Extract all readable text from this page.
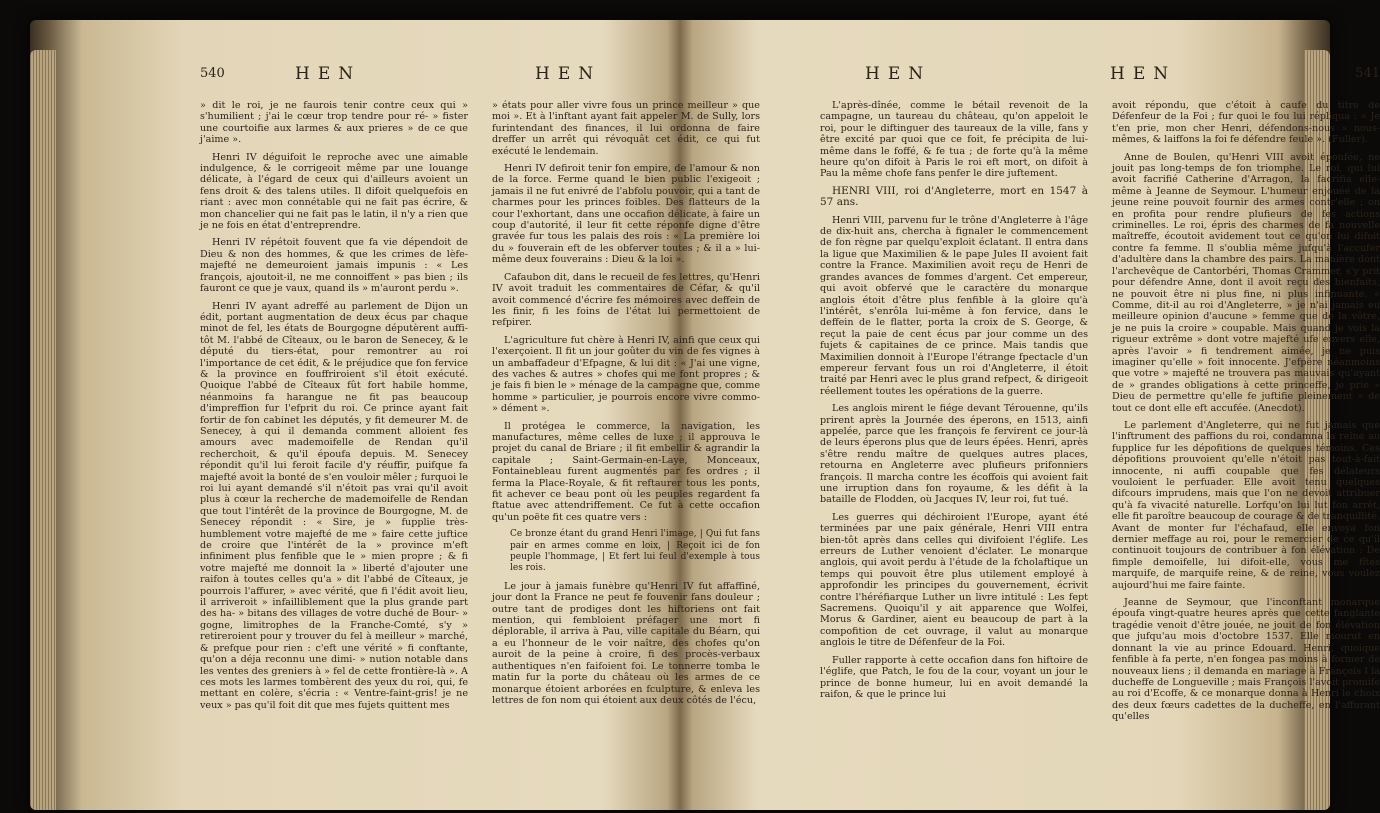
540	HEN	HEN

» dit le roi, je ne faurois tenir contre ceux qui » s'humilient ; j'ai le cœur trop tendre pour ré- » fister une courtoifie aux larmes & aux prieres » de ce que j'aime ».

Henri IV déguifoit le reproche avec une aimable indulgence, & le corrigeoit même par une louange délicate, à l'égard de ceux qui d'ailleurs avoient un fens droit & des talens utiles. Il difoit quelquefois en riant : avec mon connétable qui ne fait pas écrire, & mon chancelier qui ne fait pas le latin, il n'y a rien que je ne fois en état d'entreprendre.

Henri IV répétoit fouvent que fa vie dépendoit de Dieu & non des hommes, & que les crimes de lèfe-majefté ne demeuroient jamais impunis : « Les françois, ajoutoit-il, ne me connoiffent » pas bien ; ils fauront ce que je vaux, quand ils » m'auront perdu ».

Henri IV ayant adreffé au parlement de Dijon un édit, portant augmentation de deux écus par chaque minot de fel, les états de Bourgogne députèrent auffi-tôt M. l'abbé de Cîteaux, ou le baron de Senecey, & le député du tiers-état, pour remontrer au roi l'importance de cet édit, & le préjudice que fon fervice & la province en fouffriroient s'il étoit exécuté. Quoique l'abbé de Cîteaux fût fort habile homme, néanmoins fa harangue ne fit pas beaucoup d'impreffion fur l'efprit du roi. Ce prince ayant fait fortir de fon cabinet les députés, y fit demeurer M. de Senecey, à qui il demanda comment alloient fes amours avec mademoifelle de Rendan qu'il recherchoit, & qu'il époufa depuis. M. Senecey répondit qu'il lui feroit facile d'y réuffir, puifque fa majefté avoit la bonté de s'en vouloir mêler ; furquoi le roi lui ayant demandé s'il n'étoit pas vrai qu'il avoit plus à cœur la recherche de mademoifelle de Rendan que tout l'intérêt de la province de Bourgogne, M. de Senecey répondit : « Sire, je » fupplie très-humblement votre majefté de me » faire cette juftice de croire que l'intérêt de la » province m'eft infiniment plus fenfible que le » mien propre ; & fi votre majefté me donnoit la » liberté d'ajouter une raifon à toutes celles qu'a » dit l'abbé de Cîteaux, je pourrois l'affurer, » avec vérité, que fi l'édit avoit lieu, il arriveroit » infailliblement que la plus grande part des ha- » bitans des villages de votre duché de Bour- » gogne, limitrophes de la Franche-Comté, s'y » retireroient pour y trouver du fel à meilleur » marché, & prefque pour rien : c'eft une vérité » fi conftante, qu'on a déja reconnu une dimi- » nution notable dans les ventes des greniers à » fel de cette frontière-là ». A ces mots les larmes tombèrent des yeux du roi, qui, fe mettant en colère, s'écria : « Ventre-faint-gris! je ne veux » pas qu'il foit dit que mes fujets quittent mes

» états pour aller vivre fous un prince meilleur » que moi ». Et à l'inftant ayant fait appeler M. de Sully, lors furintendant des finances, il lui ordonna de faire dreffer un arrêt qui révoquât cet édit, ce qui fut exécuté le lendemain.

Henri IV defiroit tenir fon empire, de l'amour & non de la force. Ferme quand le bien public l'exigeoit ; jamais il ne fut enivré de l'abfolu pouvoir, qui a tant de charmes pour les princes foibles. Des flatteurs de la cour l'exhortant, dans une occafion délicate, à faire un coup d'autorité, il leur fit cette réponfe digne d'être gravée fur tous les palais des rois : « La première loi du » fouverain eft de les obferver toutes ; & il a » lui-même deux fouverains : Dieu & la loi ».

Cafaubon dit, dans le recueil de fes lettres, qu'Henri IV avoit traduit les commentaires de Céfar, & qu'il avoit commencé d'écrire fes mémoires avec deffein de les finir, fi les foins de l'état lui permettoient de refpirer.

L'agriculture fut chère à Henri IV, ainfi que ceux qui l'exerçoient. Il fit un jour goûter du vin de fes vignes à un ambaffadeur d'Efpagne, & lui dit : « J'ai une vigne, des vaches & autres » chofes qui me font propres ; & je fais fi bien le » ménage de la campagne que, comme homme » particulier, je pourrois encore vivre commo- » dément ».

Il protégea le commerce, la navigation, les manufactures, même celles de luxe ; il approuva le projet du canal de Briare ; il fit embellir & agrandir la capitale ; Saint-Germain-en-Laye, Monceaux, Fontainebleau furent augmentés par fes ordres ; il ferma la Place-Royale, & fit reftaurer tous les ponts, fit achever ce beau pont où les peuples regardent fa ftatue avec attendriffement. Ce fut à cette occafion qu'un poëte fit ces quatre vers :

Ce bronze étant du grand Henri l'image, | Qui fut fans pair en armes comme en loix, | Reçoit ici de fon peuple l'hommage, | Et fert lui feul d'exemple à tous les rois.

Le jour à jamais funèbre qu'Henri IV fut affaffiné, jour dont la France ne peut fe fouvenir fans douleur ; outre tant de prodiges dont les hiftoriens ont fait mention, qui fembloient préfager une mort fi déplorable, il arriva à Pau, ville capitale du Béarn, qui a eu l'honneur de le voir naître, des chofes qu'on auroit de la peine à croire, fi des procès-verbaux authentiques n'en faifoient foi. Le tonnerre tomba le matin fur la porte du château où les armes de ce monarque étoient arborées en fculpture, & enleva les lettres de fon nom qui étoient aux deux côtés de l'écu,

HEN	HEN	541

L'après-dînée, comme le bétail revenoit de la campagne, un taureau du château, qu'on appeloit le roi, pour le diftinguer des taureaux de la ville, fans y être excité par quoi que ce foit, fe précipita de lui-même dans le foffé, & fe tua ; de forte qu'à la même heure qu'on difoit à Paris le roi eft mort, on difoit à Pau la même chofe fans penfer le dire juftement.

HENRI VIII, roi d'Angleterre, mort en 1547 à 57 ans.

Henri VIII, parvenu fur le trône d'Angleterre à l'âge de dix-huit ans, chercha à fignaler le commencement de fon règne par quelqu'exploit éclatant. Il entra dans la ligue que Maximilien & le pape Jules II avoient fait contre la France. Maximilien avoit reçu de Henri de grandes avances de fommes d'argent. Cet empereur, qui avoit obfervé que le caractère du monarque anglois étoit d'être plus fenfible à la gloire qu'à l'intérêt, s'enrôla lui-même à fon fervice, dans le deffein de le flatter, porta la croix de S. George, & reçut la paie de cent écus par jour comme un des fujets & capitaines de ce prince. Mais tandis que Maximilien donnoit à l'Europe l'étrange fpectacle d'un empereur fervant fous un roi d'Angleterre, il étoit traité par Henri avec le plus grand refpect, & dirigeoit réellement toutes les opérations de la guerre.

Les anglois mirent le fiége devant Térouenne, qu'ils prirent après la Journée des éperons, en 1513, ainfi appelée, parce que les françois fe fervirent ce jour-là de leurs éperons plus que de leurs épées. Henri, après s'être rendu maître de quelques autres places, retourna en Angleterre avec plufieurs prifonniers françois. Il marcha contre les écoffois qui avoient fait une irruption dans fon royaume, & les défit à la bataille de Flodden, où Jacques IV, leur roi, fut tué.

Les guerres qui déchiroient l'Europe, ayant été terminées par une paix générale, Henri VIII entra bien-tôt après dans celles qui divifoient l'églife. Les erreurs de Luther venoient d'éclater. Le monarque anglois, qui avoit perdu à l'étude de la fcholaftique un temps qui pouvoit être plus utilement employé à approfondir les principes du gouvernement, écrivit contre l'héréfiarque Luther un livre intitulé : Les fept Sacremens. Quoiqu'il y ait apparence que Wolfei, Morus & Gardiner, aient eu beaucoup de part à la compofition de cet ouvrage, il valut au monarque anglois le titre de Défenfeur de la Foi.

Fuller rapporte à cette occafion dans fon hiftoire de l'églife, que Patch, le fou de la cour, voyant un jour le prince de bonne humeur, lui en avoit demandé la raifon, & que le prince lui

avoit répondu, que c'étoit à caufe du titre de Défenfeur de la Foi ; fur quoi le fou lui répliqua : « Je t'en prie, mon cher Henri, défendons-nous » nous-mêmes, & laiffons la foi fe défendre feule ». (Fuller).

Anne de Boulen, qu'Henri VIII avoit époufée, ne jouit pas long-temps de fon triomphe. Le roi, qui lui avoit facrifié Catherine d'Arragon, la facrifia elle-même à Jeanne de Seymour. L'humeur enjouée de la jeune reine pouvoit fournir des armes contr'elle ; on en profita pour rendre plufieurs de fes actions criminelles. Le roi, épris des charmes de fa nouvelle maîtreffe, écoutoit avidement tout ce qu'on lui difoit contre fa femme. Il s'oublia même jufqu'à l'accufer d'adultère dans la chambre des pairs. La manière dont l'archevêque de Cantorbéri, Thomas Crammer, s'y prit pour défendre Anne, dont il avoit reçu des bienfaits, ne pouvoit être ni plus fine, ni plus infinuante. « Comme, dit-il au roi d'Angleterre, » je n'ai jamais eu meilleure opinion d'aucune » femme que de la vôtre, je ne puis la croire » coupable. Mais quand je vois la rigueur extrême » dont votre majefté ufe envers elle, après l'avoir » fi tendrement aimée, je ne puis imaginer qu'elle » foit innocente. J'efpère néanmoins que votre » majefté ne trouvera pas mauvais qu'ayant de » grandes obligations à cette princeffe, je prie » Dieu de permettre qu'elle fe juftifie pleinement » de tout ce dont elle eft accufée. (Anecdot).

Le parlement d'Angleterre, qui ne fut jamais que l'inftrument des paffions du roi, condamna la reine au fupplice fur les dépofitions de quelques témoins. Ces dépofitions prouvoient qu'elle n'étoit pas tout-à-fait innocente, ni auffi coupable que fes délateurs vouloient le perfuader. Elle avoit tenu quelques difcours imprudens, mais que l'on ne devoit attribuer qu'à fa vivacité naturelle. Lorfqu'on lui lut fon arrêt, elle fit paroître beaucoup de courage & de tranquillité. Avant de monter fur l'échafaud, elle envoya fon dernier meffage au roi, pour le remercier de ce qu'il continuoit toujours de contribuer à fon élévation : De fimple demoifelle, lui difoit-elle, vous me fîtes marquife, de marquife reine, & de reine, vous voulez aujourd'hui me faire fainte.

Jeanne de Seymour, que l'inconftant monarque époufa vingt-quatre heures après que cette fanglante tragédie venoit d'être jouée, ne jouit de fon élévation que jufqu'au mois d'octobre 1537. Elle mourut en donnant la vie au prince Edouard. Henri, quoique fenfible à fa perte, n'en fongea pas moins à former de nouveaux liens ; il demanda en mariage à François I la ducheffe de Longueville ; mais François l'avoit promife au roi d'Ecoffe, & ce monarque donna à Henri le choix des deux fœurs cadettes de la ducheffe, en l'affurant qu'elles
